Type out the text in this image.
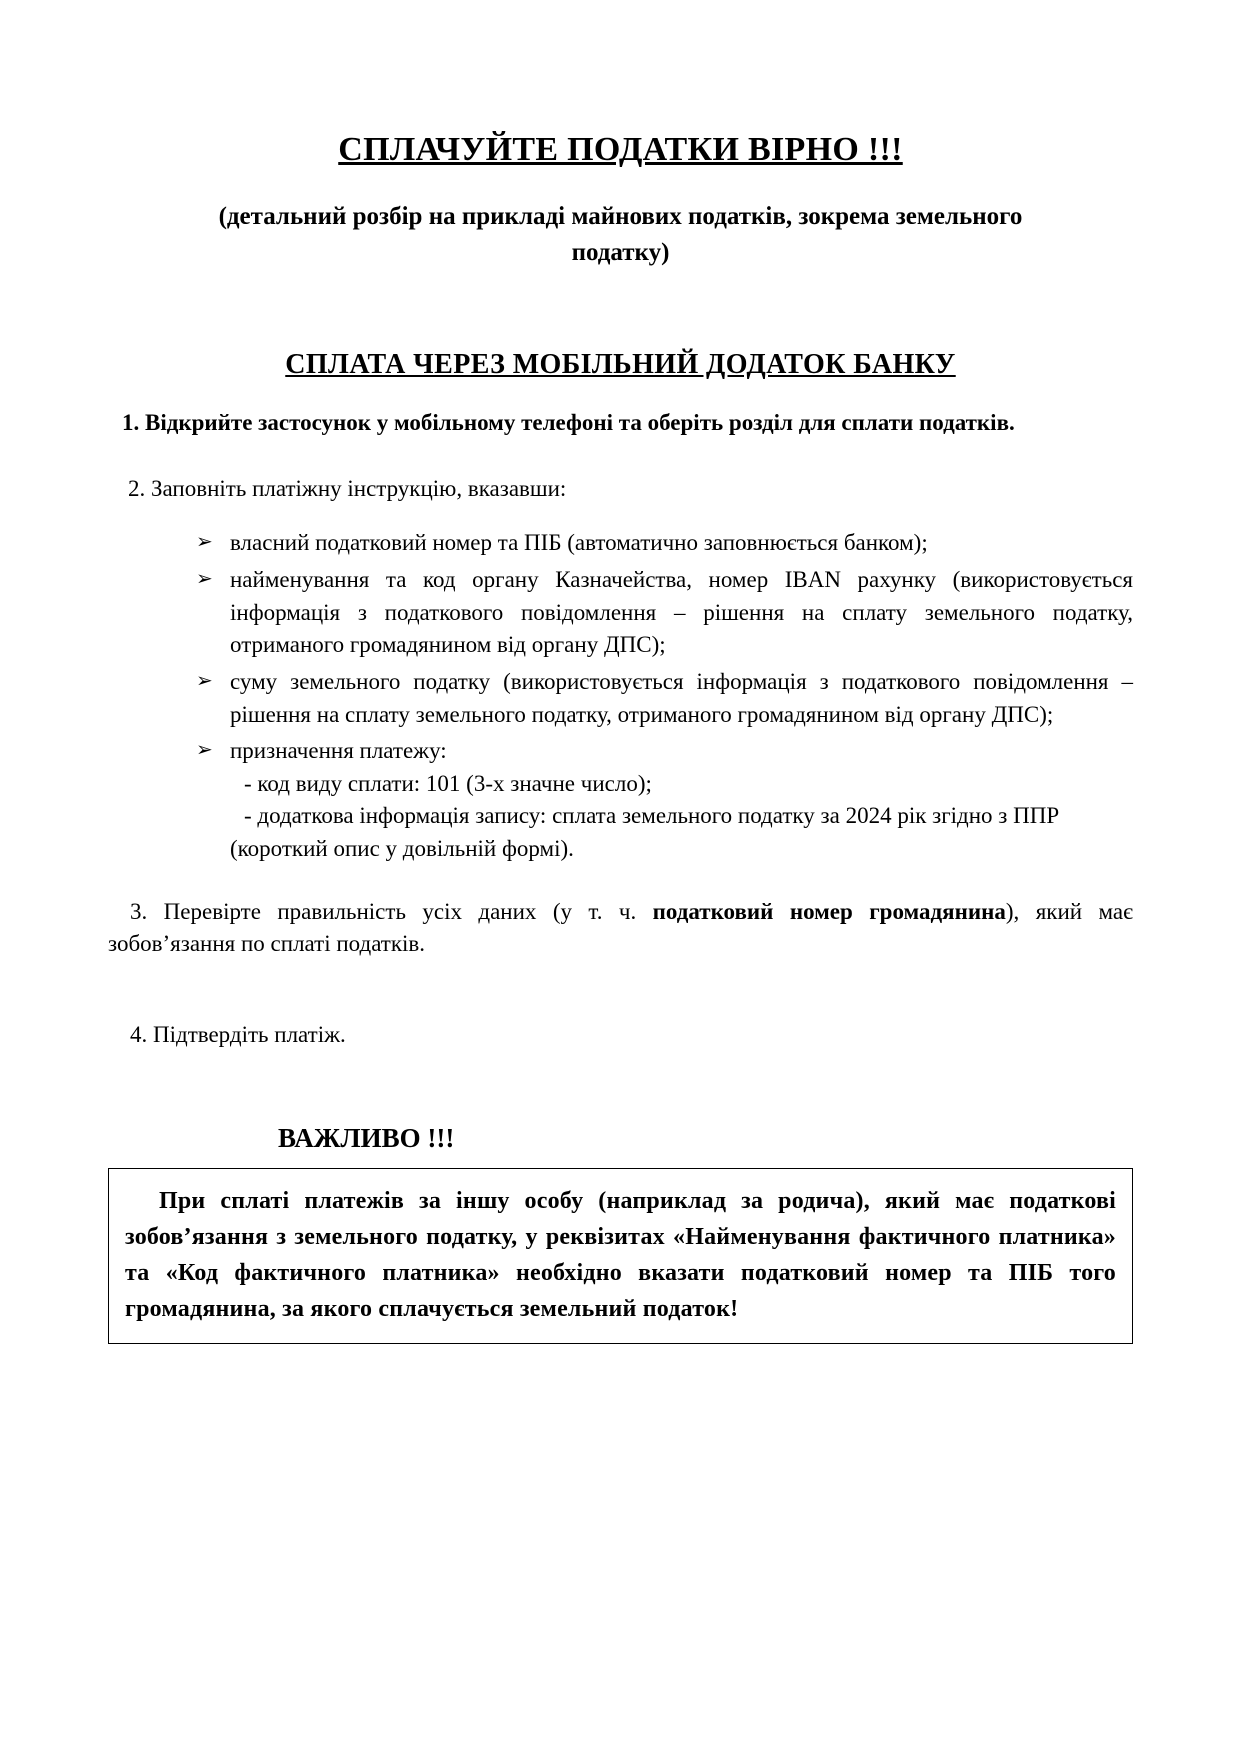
СПЛАЧУЙТЕ ПОДАТКИ ВІРНО !!!

(детальний розбір на прикладі майнових податків, зокрема земельного податку)

СПЛАТА ЧЕРЕЗ МОБІЛЬНИЙ ДОДАТОК БАНКУ

1. Відкрийте застосунок у мобільному телефоні та оберіть розділ для сплати податків.

2. Заповніть платіжну інструкцію, вказавши:

➢ власний податковий номер та ПІБ (автоматично заповнюється банком);
➢ найменування та код органу Казначейства, номер IBAN рахунку (використовується інформація з податкового повідомлення – рішення на сплату земельного податку, отриманого громадянином від органу ДПС);
➢ суму земельного податку (використовується інформація з податкового повідомлення – рішення на сплату земельного податку, отриманого громадянином від органу ДПС);
➢ призначення платежу:
- код виду сплати: 101 (3-х значне число);
- додаткова інформація запису: сплата земельного податку за 2024 рік згідно з ППР (короткий опис у довільній формі).

3. Перевірте правильність усіх даних (у т. ч. податковий номер громадянина), який має зобов’язання по сплаті податків.

4. Підтвердіть платіж.

ВАЖЛИВО !!!
При сплаті платежів за іншу особу (наприклад за родича), який має податкові зобов’язання з земельного податку, у реквізитах «Найменування фактичного платника» та «Код фактичного платника» необхідно вказати податковий номер та ПІБ того громадянина, за якого сплачується земельний податок!
